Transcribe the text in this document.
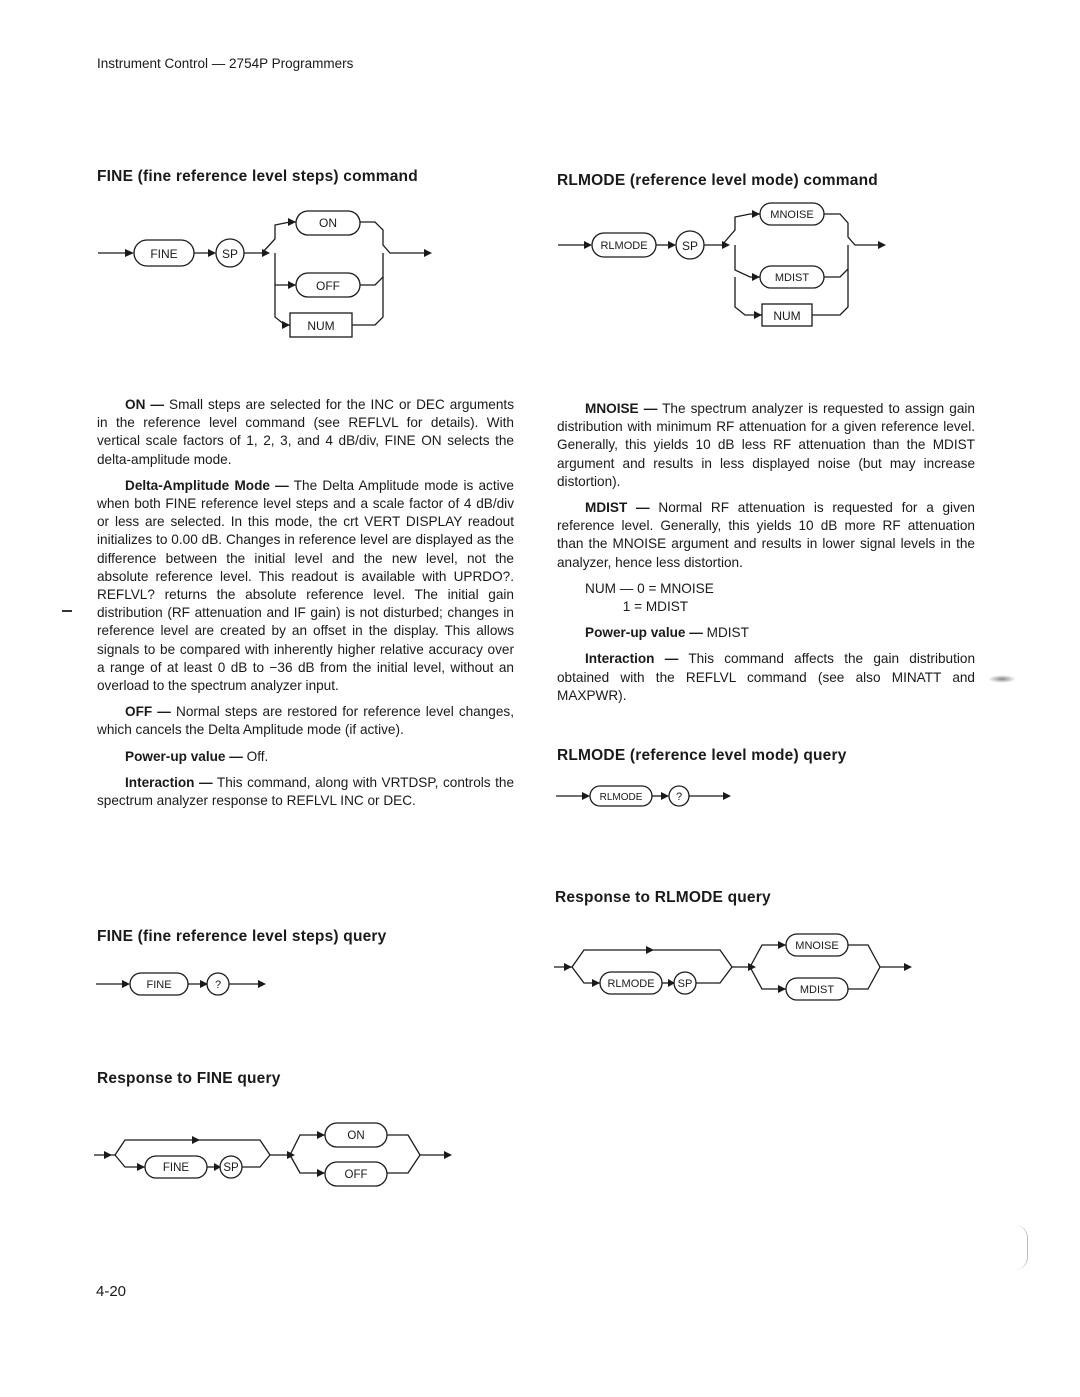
Instrument Control — 2754P Programmers
FINE (fine reference level steps) command
FINE	SP
ON
OFF
NUM

ON — Small steps are selected for the INC or DEC arguments in the reference level command (see REFLVL for details). With vertical scale factors of 1, 2, 3, and 4 dB/div, FINE ON selects the delta-amplitude mode.

Delta-Amplitude Mode — The Delta Amplitude mode is active when both FINE reference level steps and a scale factor of 4 dB/div or less are selected. In this mode, the crt VERT DISPLAY readout initializes to 0.00 dB. Changes in reference level are displayed as the difference between the initial level and the new level, not the absolute reference level. This readout is available with UPRDO?. REFLVL? returns the absolute reference level. The initial gain distribution (RF attenuation and IF gain) is not disturbed; changes in reference level are created by an offset in the display. This allows signals to be compared with inherently higher relative accuracy over a range of at least 0 dB to −36 dB from the initial level, without an overload to the spectrum analyzer input.

OFF — Normal steps are restored for reference level changes, which cancels the Delta Amplitude mode (if active).

Power-up value — Off.

Interaction — This command, along with VRTDSP, controls the spectrum analyzer response to REFLVL INC or DEC.

FINE (fine reference level steps) query
FINE	?
Response to FINE query
FINE	SP
ON
OFF
4-20
RLMODE (reference level mode) command
RLMODE	SP
MNOISE
MDIST
NUM

MNOISE — The spectrum analyzer is requested to assign gain distribution with minimum RF attenuation for a given reference level. Generally, this yields 10 dB less RF attenuation than the MDIST argument and results in less displayed noise (but may increase distortion).

MDIST — Normal RF attenuation is requested for a given reference level. Generally, this yields 10 dB more RF attenuation than the MNOISE argument and results in lower signal levels in the analyzer, hence less distortion.

NUM — 0 = MNOISE
1 = MDIST

Power-up value — MDIST

Interaction — This command affects the gain distribution obtained with the REFLVL command (see also MINATT and MAXPWR).

RLMODE (reference level mode) query
RLMODE	?
Response to RLMODE query
RLMODE SP
MNOISE
MDIST
